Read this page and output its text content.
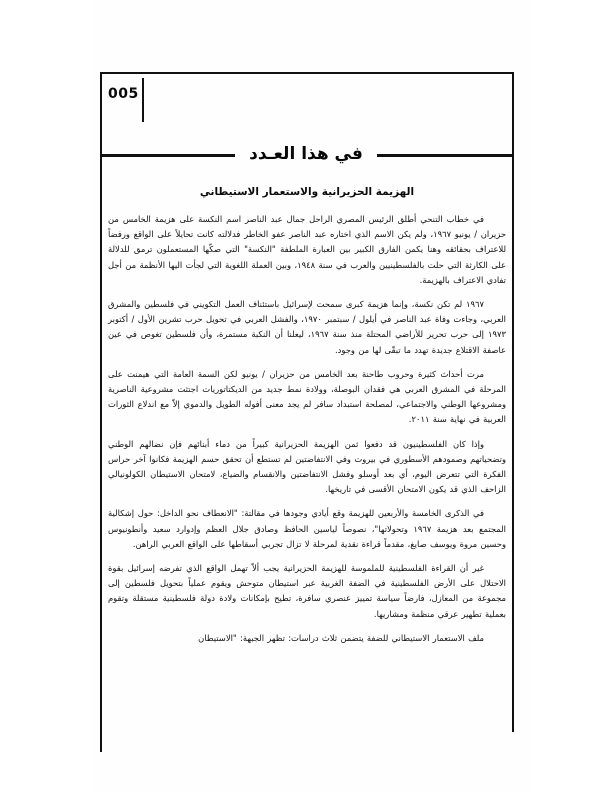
005
في هذا العـدد
الهزيمة الحزيرانية والاستعمار الاستيطاني

في خطاب التنحي أطلق الرئيس المصري الراحل جمال عبد الناصر اسم النكسة على هزيمة الخامس من حزيران / يونيو ١٩٦٧، ولم يكن الاسم الذي اختاره عبد الناصر عفو الخاطر فدلالته كانت تحايلاً على الواقع ورفضاً للاعتراف بحقائقه وهنا يكمن الفارق الكبير بين العبارة الملطفة "النكسة" التي صكّها المستعملون ترمق للدلالة على الكارثة التي حلت بالفلسطينيين والعرب في سنة ١٩٤٨، وبين العملة اللغوية التي لجأت اليها الأنظمة من أجل تفادي الاعتراف بالهزيمة.

١٩٦٧ لم تكن نكسة، وإنما هزيمة كبرى سمحت لإسرائيل باستئناف العمل التكويني في فلسطين والمشرق العربي، وجاءت وفاة عبد الناصر في أيلول / سبتمبر ١٩٧٠، والفشل العربي في تحويل حرب تشرين الأول / أكتوبر ١٩٧٣ إلى حرب تحرير للأراضي المحتلة منذ سنة ١٩٦٧، ليعلنا أن النكبة مستمرة، وأن فلسطين تغوص في عين عاصفة الاقتلاع جديدة تهدد ما تبقّى لها من وجود.

مرت أحداث كثيرة وحروب طاحنة بعد الخامس من حزيران / يونيو لكن السمة العامة التي هيمنت على المرحلة في المشرق العربي هي فقدان البوصلة، وولادة نمط جديد من الديكتاتوريات اجتثت مشروعية الناصرية ومشروعها الوطني والاجتماعي، لمصلحة استبداد سافر لم يجد معنى أفوله الطويل والدموي إلاّ مع اندلاع الثورات العربية في نهاية سنة ٢٠١١.

وإذا كان الفلسطينيون قد دفعوا ثمن الهزيمة الحزيرانية كبيراً من دماء أبنائهم فإن نضالهم الوطني وتضحياتهم وصمودهم الأسطوري في بيروت وفي الانتفاضتين لم تستطع أن تحقق حسم الهزيمة فكانوا آخر حراس الفكرة التي تتعرض اليوم، أي بعد أوسلو وفشل الانتفاضتين والانقسام والضياع، لامتحان الاستيطان الكولونيالي الزاحف الذي قد يكون الامتحان الأقسى في تاريخها.

في الذكرى الخامسة والأربعين للهزيمة وقع أيادي وجودها في مقالتة: "الانعطاف نحو الداخل: حول إشكالية المجتمع بعد هزيمة ١٩٦٧ وتحولاتها"، نصوصاً لياسين الحافظ وصادق جلال العظم وإدوارد سعيد وأنطونيوس وحسين مروة ويوسف صايغ، مقدماً قراءة نقدية لمرحلة لا تزال تجربي أسقاطها على الواقع العربي الراهن.

غير أن القراءة الفلسطينية للملموسة للهزيمة الحزيرانية يجب ألاّ تهمل الواقع الذي تفرضه إسرائيل بقوة الاحتلال على الأرض الفلسطينية في الضفة الغربية عبر استيطان متوحش ويقوم عملياً بتحويل فلسطين إلى مجموعة من المعازل، فارضاً سياسة تمييز عنصري سافرة، تطيح بإمكانات ولادة دولة فلسطينية مستقلة وتقوم بعملية تطهير عرقي منظمة ومشاريها.

ملف الاستعمار الاستيطاني للضفة يتضمن ثلاث دراسات: تظهر الجبهة: "الاستيطان
